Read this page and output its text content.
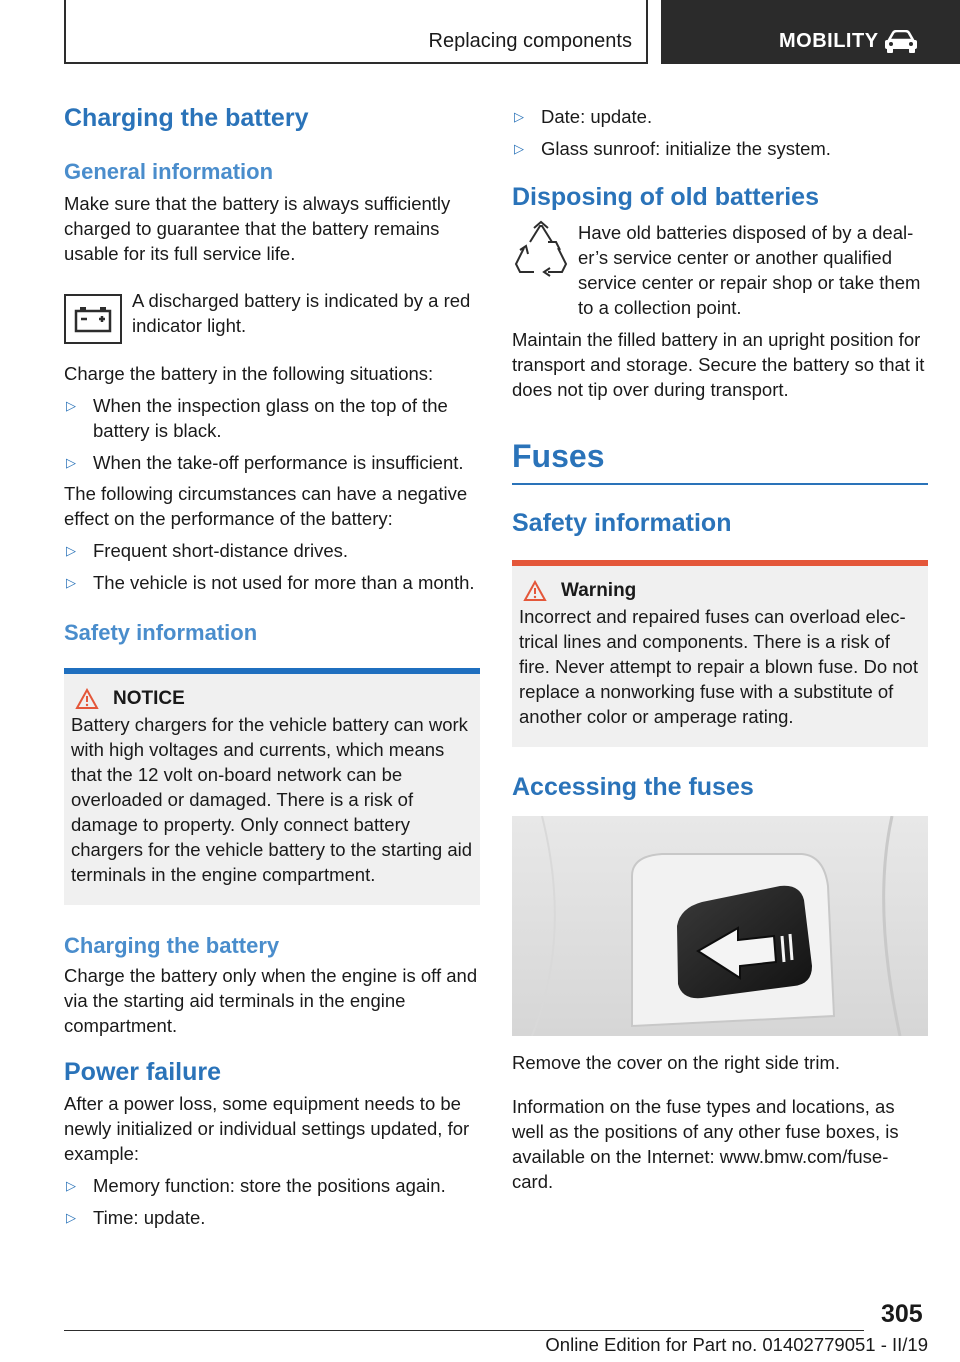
Replacing components	MOBILITY
Charging the battery
General information

Make sure that the battery is always sufficiently charged to guarantee that the battery remains usable for its full service life.

A discharged battery is indicated by a red indicator light.

Charge the battery in the following situations:

▷ When the inspection glass on the top of the battery is black.
▷ When the take-off performance is insufficient.

The following circumstances can have a negative effect on the performance of the battery:

▷ Frequent short-distance drives.
▷ The vehicle is not used for more than a month.
Safety information
NOTICE

Battery chargers for the vehicle battery can work with high voltages and currents, which means that the 12 volt on-board network can be overloaded or damaged. There is a risk of damage to property. Only connect battery chargers for the vehicle battery to the starting aid terminals in the engine compartment.

Charging the battery

Charge the battery only when the engine is off and via the starting aid terminals in the engine compartment.

Power failure

After a power loss, some equipment needs to be newly initialized or individual settings updated, for example:

▷ Memory function: store the positions again.
▷ Time: update.
▷ Date: update.
▷ Glass sunroof: initialize the system.
Disposing of old batteries

Have old batteries disposed of by a deal‐er’s service center or another qualified service center or repair shop or take them to a collection point.

Maintain the filled battery in an upright position for transport and storage. Secure the battery so that it does not tip over during transport.

Fuses
Safety information
Warning

Incorrect and repaired fuses can overload elec‐trical lines and components. There is a risk of fire. Never attempt to repair a blown fuse. Do not replace a nonworking fuse with a substitute of another color or amperage rating.

Accessing the fuses

Remove the cover on the right side trim.

Information on the fuse types and locations, as well as the positions of any other fuse boxes, is available on the Internet: www.bmw.com/fuse‐card.

305
Online Edition for Part no. 01402779051 - II/19
